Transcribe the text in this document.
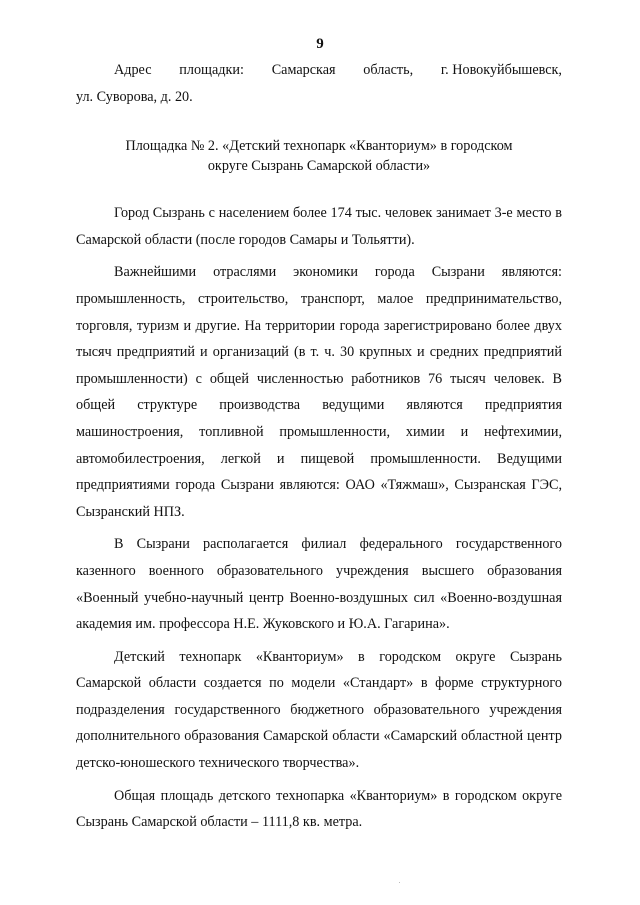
9

Адрес площадки: Самарская область, г. Новокуйбышевск,
ул. Суворова, д. 20.

Площадка № 2. «Детский технопарк «Кванториум» в городском
округе Сызрань Самарской области»

Город Сызрань с населением более 174 тыс. человек занимает 3-е место в Самарской области (после городов Самары и Тольятти).

Важнейшими отраслями экономики города Сызрани являются: промышленность, строительство, транспорт, малое предпринимательство, торговля, туризм и другие. На территории города зарегистрировано более двух тысяч предприятий и организаций (в т. ч. 30 крупных и средних предприятий промышленности) с общей численностью работников 76 тысяч человек. В общей структуре производства ведущими являются предприятия машиностроения, топливной промышленности, химии и нефтехимии, автомобилестроения, легкой и пищевой промышленности. Ведущими предприятиями города Сызрани являются: ОАО «Тяжмаш», Сызранская ГЭС, Сызранский НПЗ.

В Сызрани располагается филиал федерального государственного казенного военного образовательного учреждения высшего образования «Военный учебно-научный центр Военно-воздушных сил «Военно-воздушная академия им. профессора Н.Е. Жуковского и Ю.А. Гагарина».

Детский технопарк «Кванториум» в городском округе Сызрань Самарской области создается по модели «Стандарт» в форме структурного подразделения государственного бюджетного образовательного учреждения дополнительного образования Самарской области «Самарский областной центр детско-юношеского технического творчества».

Общая площадь детского технопарка «Кванториум» в городском округе Сызрань Самарской области – 1111,8 кв. метра.
